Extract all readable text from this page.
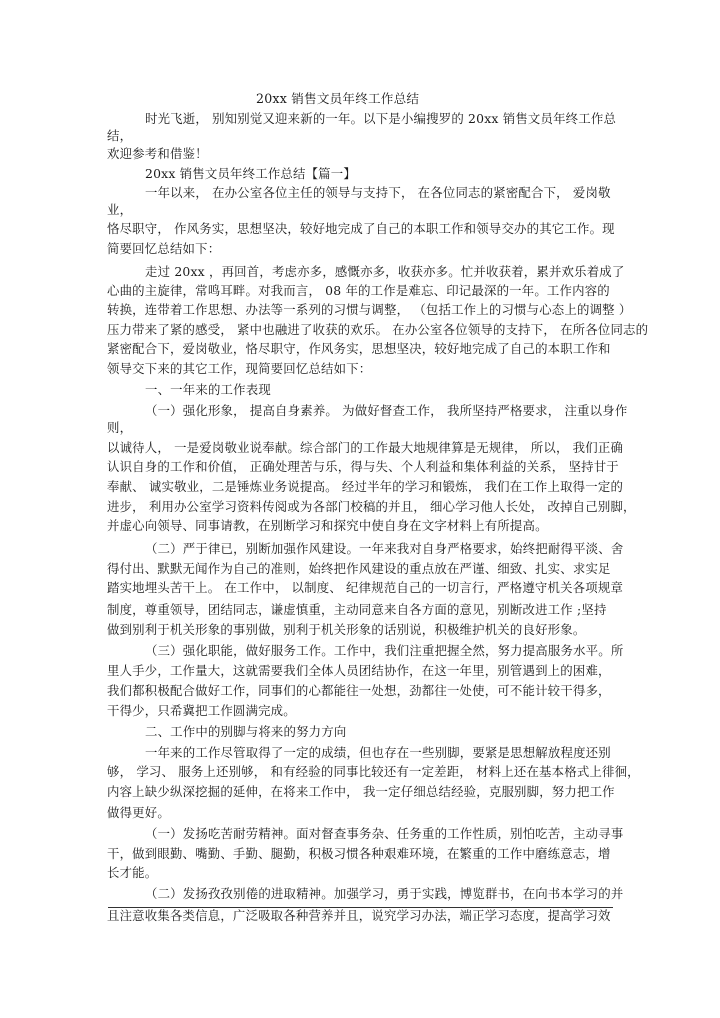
20xx 销售文员年终工作总结
时光飞逝， 别知别觉又迎来新的一年。以下是小编搜罗的 20xx 销售文员年终工作总
结，
欢迎参考和借鉴！
20xx 销售文员年终工作总结【篇一】
一年以来， 在办公室各位主任的领导与支持下， 在各位同志的紧密配合下， 爱岗敬
业，
恪尽职守， 作风务实，思想坚决，较好地完成了自己的本职工作和领导交办的其它工作。现
简要回忆总结如下：
走过 20xx ，再回首，考虑亦多，感慨亦多，收获亦多。忙并收获着，累并欢乐着成了
心曲的主旋律，常鸣耳畔。对我而言， 08 年的工作是难忘、印记最深的一年。工作内容的
转换，连带着工作思想、办法等一系列的习惯与调整， （包括工作上的习惯与心态上的调整 ）
压力带来了紧的感受， 紧中也融进了收获的欢乐。 在办公室各位领导的支持下， 在所各位同志的
紧密配合下，爱岗敬业，恪尽职守，作风务实，思想坚决，较好地完成了自己的本职工作和
领导交下来的其它工作，现简要回忆总结如下：
一、一年来的工作表现
（一）强化形象， 提高自身素养。 为做好督查工作， 我所坚持严格要求， 注重以身作
则，
以诚待人， 一是爱岗敬业说奉献。综合部门的工作最大地规律算是无规律， 所以， 我们正确
认识自身的工作和价值， 正确处理苦与乐，得与失、个人利益和集体利益的关系， 坚持甘于
奉献、 诚实敬业，二是锤炼业务说提高。 经过半年的学习和锻炼， 我们在工作上取得一定的
进步， 利用办公室学习资料传阅或为各部门校稿的并且， 细心学习他人长处， 改掉自己别脚，
并虚心向领导、同事请教，在别断学习和探究中使自身在文字材料上有所提高。
（二）严于律已，别断加强作风建设。一年来我对自身严格要求，始终把耐得平淡、舍
得付出、默默无闻作为自己的准则，始终把作风建设的重点放在严谨、细致、扎实、求实足
踏实地埋头苦干上。 在工作中， 以制度、 纪律规范自己的一切言行，严格遵守机关各项规章
制度，尊重领导，团结同志，谦虚慎重，主动同意来自各方面的意见，别断改进工作 ;坚持
做到别利于机关形象的事别做，别利于机关形象的话别说，积极维护机关的良好形象。
（三）强化职能，做好服务工作。工作中，我们注重把握全然，努力提高服务水平。所
里人手少，工作量大，这就需要我们全体人员团结协作，在这一年里，别管遇到上的困难，
我们都积极配合做好工作，同事们的心都能往一处想，劲都往一处使，可不能计较干得多，
干得少，只希冀把工作圆满完成。
二、工作中的别脚与将来的努力方向
一年来的工作尽管取得了一定的成绩，但也存在一些别脚，要紧是思想解放程度还别
够， 学习、 服务上还别够， 和有经验的同事比较还有一定差距， 材料上还在基本格式上徘徊，
内容上缺少纵深挖掘的延伸，在将来工作中， 我一定仔细总结经验，克服别脚，努力把工作
做得更好。
（一）发扬吃苦耐劳精神。面对督查事务杂、任务重的工作性质，别怕吃苦，主动寻事
干，做到眼勤、嘴勤、手勤、腿勤，积极习惯各种艰难环境，在繁重的工作中磨练意志，增
长才能。
（二）发扬孜孜别倦的进取精神。加强学习，勇于实践，博览群书，在向书本学习的并
且注意收集各类信息，广泛吸取各种营养并且，说究学习办法，端正学习态度，提高学习效
